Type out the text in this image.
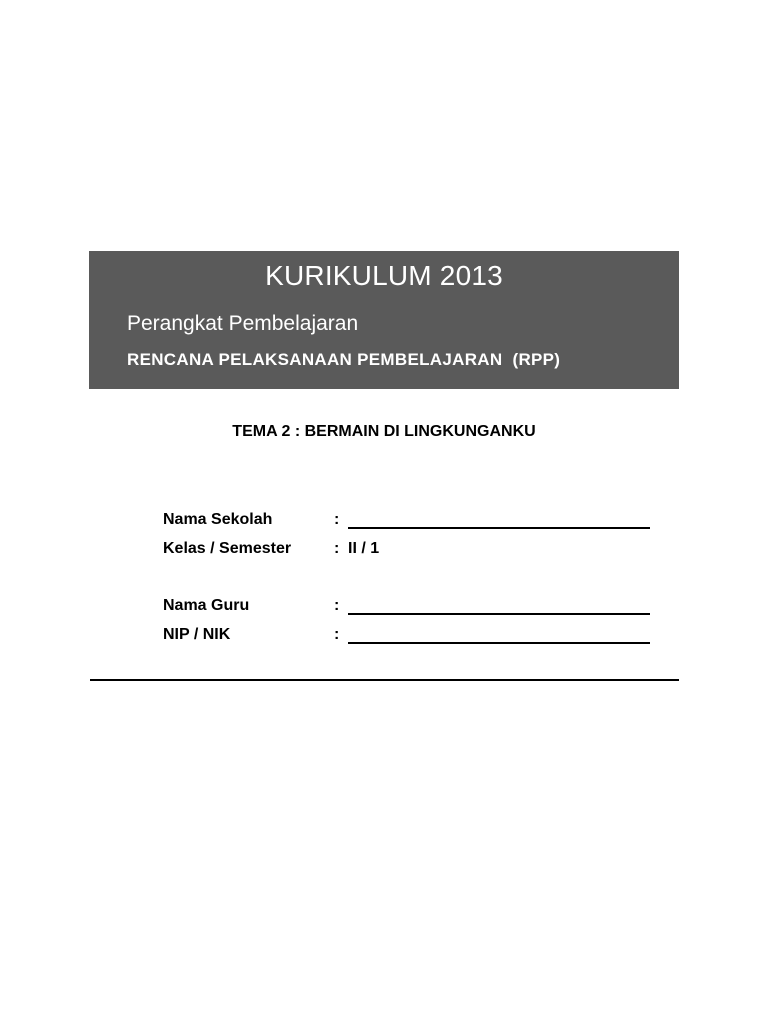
KURIKULUM 2013
Perangkat Pembelajaran
RENCANA PELAKSANAAN PEMBELAJARAN  (RPP)
TEMA 2 : BERMAIN DI LINGKUNGANKU
Nama Sekolah	:
Kelas / Semester	: II / 1
Nama Guru	:
NIP / NIK	:
